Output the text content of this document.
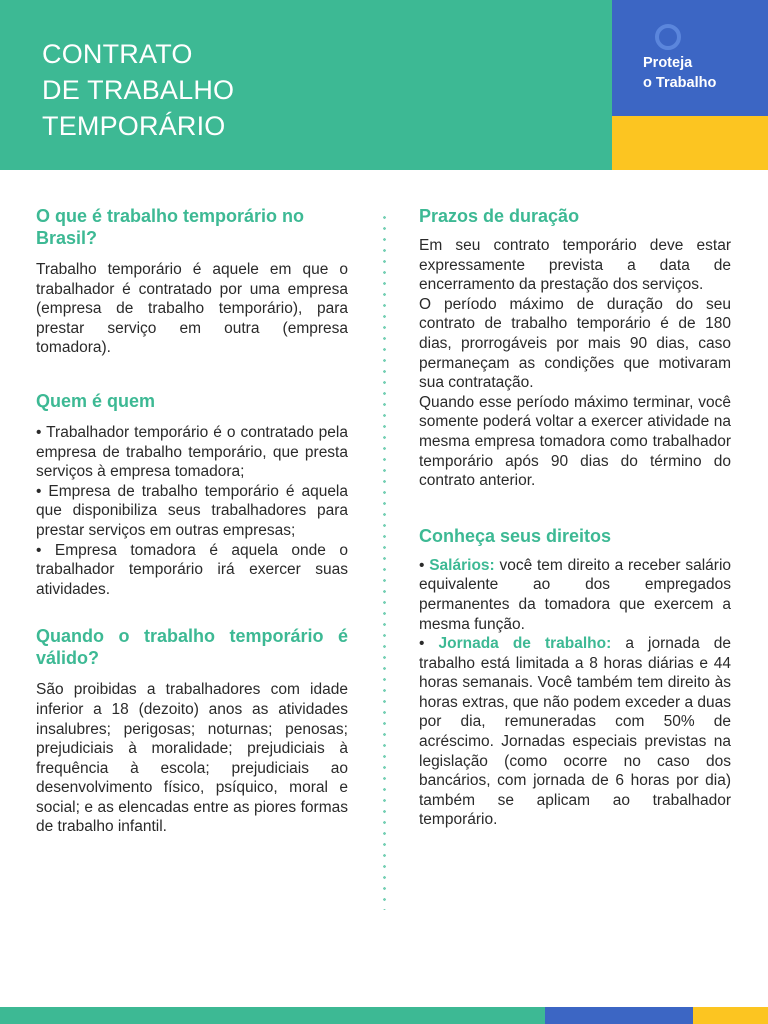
CONTRATO
DE TRABALHO
TEMPORÁRIO
Proteja
o Trabalho
O que é trabalho temporário no Brasil?

Trabalho temporário é aquele em que o trabalhador é contratado por uma empresa (empresa de trabalho temporário), para prestar serviço em outra (empresa tomadora).

Quem é quem

• Trabalhador temporário é o contratado pela empresa de trabalho temporário, que presta serviços à empresa tomadora;

• Empresa de trabalho temporário é aquela que disponibiliza seus trabalhadores para prestar serviços em outras empresas;

• Empresa tomadora é aquela onde o trabalhador temporário irá exercer suas atividades.

Quando o trabalho temporário é válido?

São proibidas a trabalhadores com idade inferior a 18 (dezoito) anos as atividades insalubres; perigosas; noturnas; penosas; prejudiciais à moralidade; prejudiciais à frequência à escola; prejudiciais ao desenvolvimento físico, psíquico, moral e social; e as elencadas entre as piores formas de trabalho infantil.

Prazos de duração

Em seu contrato temporário deve estar expressamente prevista a data de encerramento da prestação dos serviços.

O período máximo de duração do seu contrato de trabalho temporário é de 180 dias, prorrogáveis por mais 90 dias, caso permaneçam as condições que motivaram sua contratação.

Quando esse período máximo terminar, você somente poderá voltar a exercer atividade na mesma empresa tomadora como trabalhador temporário após 90 dias do término do contrato anterior.

Conheça seus direitos

• Salários: você tem direito a receber salário equivalente ao dos empregados permanentes da tomadora que exercem a mesma função.

• Jornada de trabalho: a jornada de trabalho está limitada a 8 horas diárias e 44 horas semanais. Você também tem direito às horas extras, que não podem exceder a duas por dia, remuneradas com 50% de acréscimo. Jornadas especiais previstas na legislação (como ocorre no caso dos bancários, com jornada de 6 horas por dia) também se aplicam ao trabalhador temporário.
